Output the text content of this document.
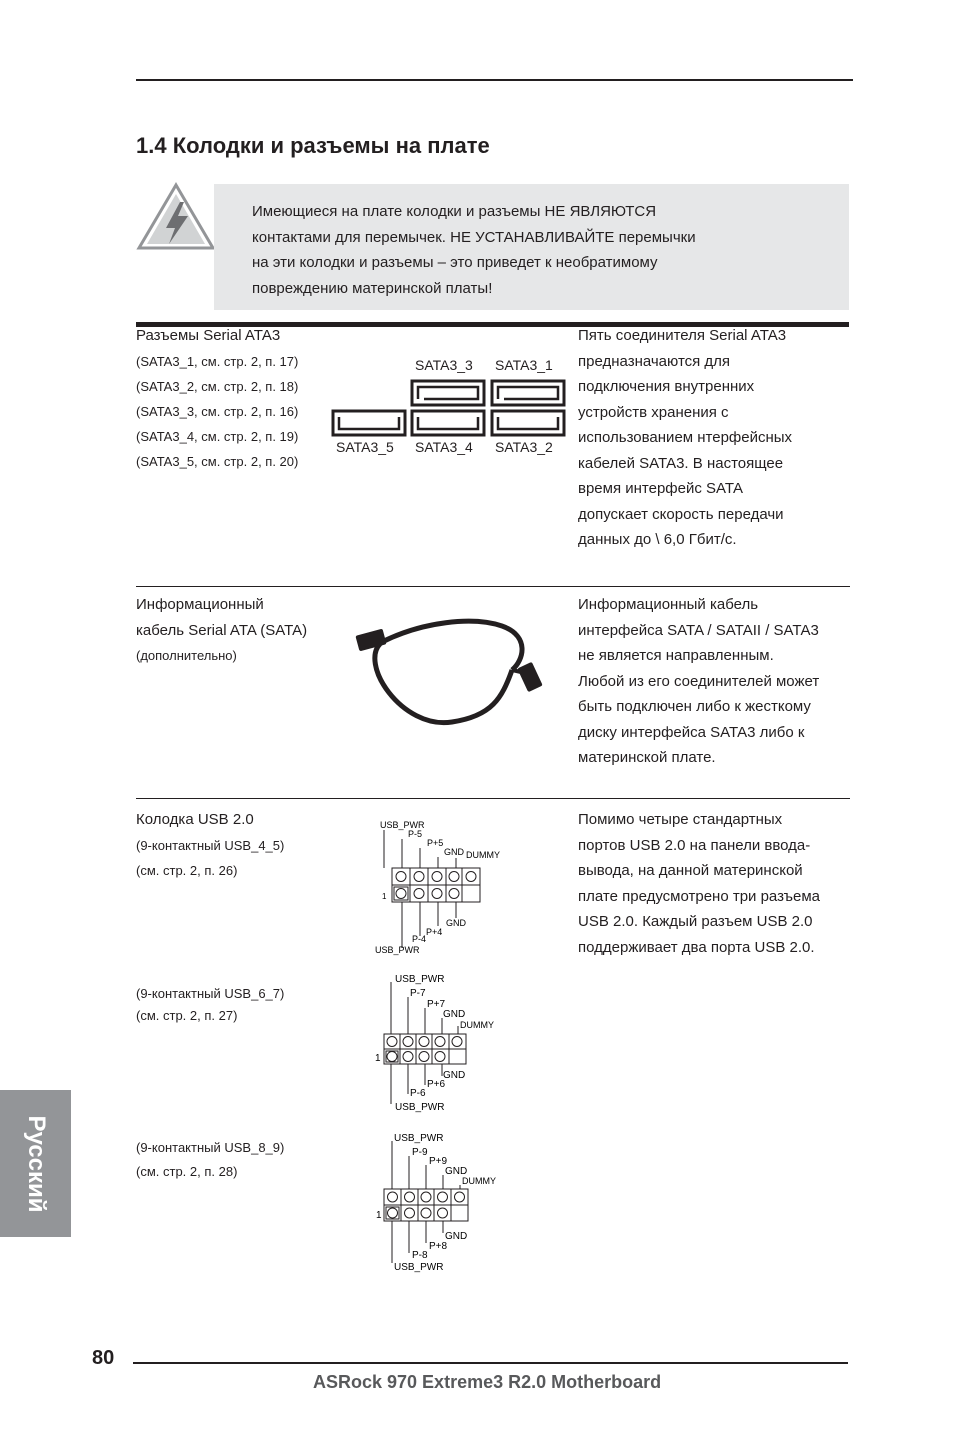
1.4 Колодки и разъемы на плате
Имеющиеся на плате колодки и разъемы НЕ ЯВЛЯЮТСЯ
контактами для перемычек. НЕ УСТАНАВЛИВАЙТЕ перемычки
на эти колодки и разъемы – это приведет к необратимому
повреждению материнской платы!
Разъемы Serial ATA3
(SATA3_1, см. стр. 2, п. 17)
(SATA3_2, см. стр. 2, п. 18)
(SATA3_3, см. стр. 2, п. 16)
(SATA3_4, см. стр. 2, п. 19)
(SATA3_5, см. стр. 2, п. 20)
SATA3_3 SATA3_1
SATA3_5 SATA3_4 SATA3_2
Пять соединителя Serial ATA3
предназначаются для
подключения внутренних
устройств хранения с
использованием нтерфейсных
кабелей SATA3. В настоящее
время интерфейс SATA
допускает скорость передачи
данных до \ 6,0 Гбит/с.
Информационный
кабель Serial ATA (SATA)
(дополнительно)
Информационный кабель
интерфейса SATA / SATAII / SATA3
не является направленным.
Любой из его соединителей может
быть подключен либо к жесткому
диску интерфейса SATA3 либо к
материнской плате.
Колодка USB 2.0
(9-контактный USB_4_5)
(см. стр. 2, п. 26)
Помимо четыре стандартных
портов USB 2.0 на панели ввода-
вывода, на данной материнской
плате предусмотрено три разъема
USB 2.0. Каждый разъем USB 2.0
поддерживает два порта USB 2.0.
USB_PWR
P-5
P+5
GND DUMMY
1
GND
P+4
P-4
USB_PWR
(9-контактный USB_6_7)
(см. стр. 2, п. 27)
USB_PWR
P-7
P+7
GND
DUMMY
1
GND
P+6
P-6
USB_PWR
(9-контактный USB_8_9)
(см. стр. 2, п. 28)
USB_PWR
P-9
P+9
GND
DUMMY
1
GND
P+8
P-8
USB_PWR
Русский
80
ASRock 970 Extreme3 R2.0 Motherboard
